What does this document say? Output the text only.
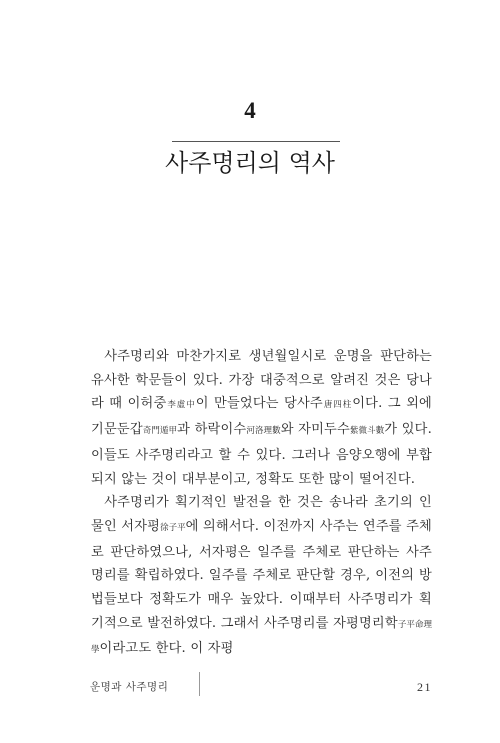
4
사주명리의 역사

사주명리와 마찬가지로 생년월일시로 운명을 판단하는 유사한 학문들이 있다. 가장 대중적으로 알려진 것은 당나라 때 이허중李虛中이 만들었다는 당사주唐四柱이다. 그 외에 기문둔갑奇門遁甲과 하락이수河洛理數와 자미두수紫微斗數가 있다. 이들도 사주명리라고 할 수 있다. 그러나 음양오행에 부합되지 않는 것이 대부분이고, 정확도 또한 많이 떨어진다.

사주명리가 획기적인 발전을 한 것은 송나라 초기의 인물인 서자평徐子平에 의해서다. 이전까지 사주는 연주를 주체로 판단하였으나, 서자평은 일주를 주체로 판단하는 사주명리를 확립하였다. 일주를 주체로 판단할 경우, 이전의 방법들보다 정확도가 매우 높았다. 이때부터 사주명리가 획기적으로 발전하였다. 그래서 사주명리를 자평명리학子平命理學이라고도 한다. 이 자평

운명과 사주명리	21
